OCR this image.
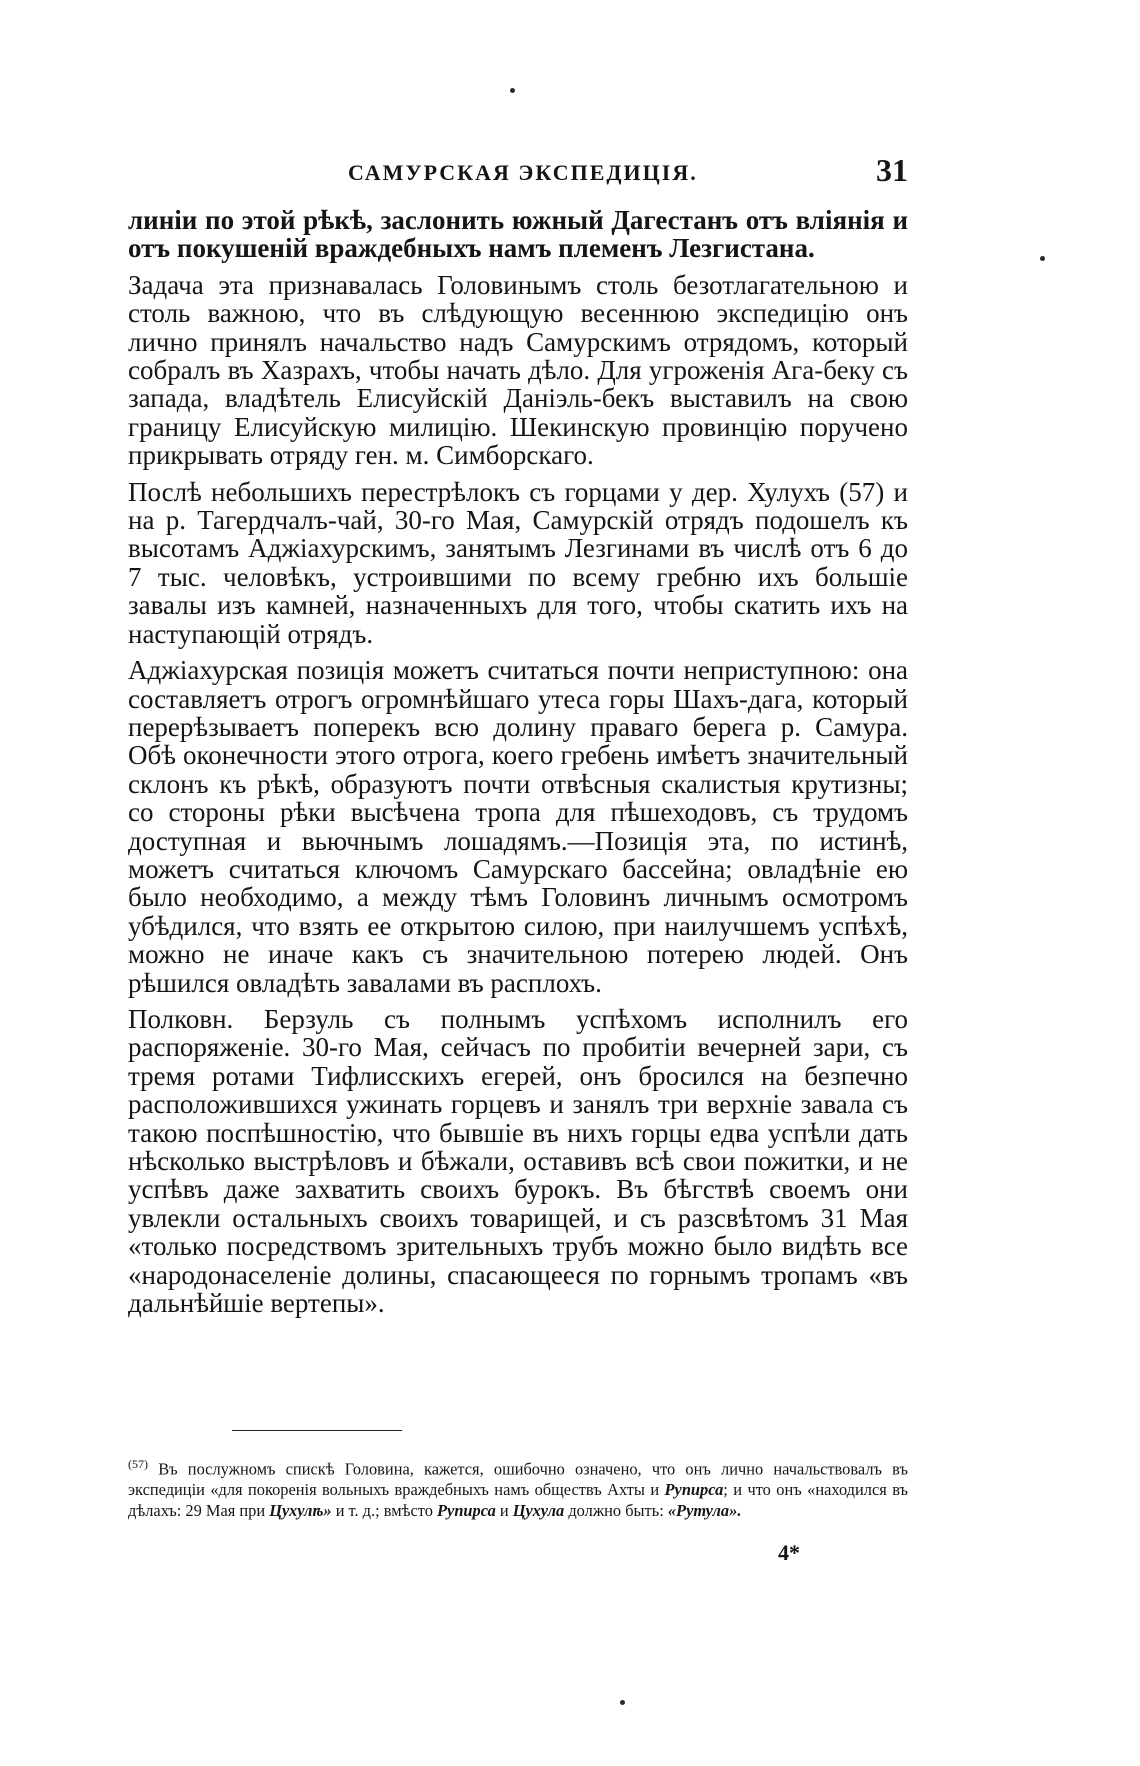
САМУРСКАЯ ЭКСПЕДИЦІЯ.	31

линіи по этой рѣкѣ, заслонить южный Дагестанъ отъ вліянія и отъ покушеній враждебныхъ намъ племенъ Лезгистана.

Задача эта признавалась Головинымъ столь безотлагательною и столь важною, что въ слѣдующую весеннюю экспедицію онъ лично принялъ начальство надъ Самурскимъ отрядомъ, который собралъ въ Хазрахъ, чтобы начать дѣло. Для угроженія Ага-беку съ запада, владѣтель Елисуйскій Даніэль-бекъ выставилъ на свою границу Елисуйскую милицію. Шекинскую провинцію поручено прикрывать отряду ген. м. Симборскаго.

Послѣ небольшихъ перестрѣлокъ съ горцами у дер. Хулухъ (57) и на р. Тагердчалъ-чай, 30-го Мая, Самурскій отрядъ подошелъ къ высотамъ Аджіахурскимъ, занятымъ Лезгинами въ числѣ отъ 6 до 7 тыс. человѣкъ, устроившими по всему гребню ихъ большіе завалы изъ камней, назначенныхъ для того, чтобы скатить ихъ на наступающій отрядъ.

Аджіахурская позиція можетъ считаться почти неприступною: она составляетъ отрогъ огромнѣйшаго утеса горы Шахъ-дага, который перерѣзываетъ поперекъ всю долину праваго берега р. Самура. Обѣ оконечности этого отрога, коего гребень имѣетъ значительный склонъ къ рѣкѣ, образуютъ почти отвѣсныя скалистыя крутизны; со стороны рѣки высѣчена тропа для пѣшеходовъ, съ трудомъ доступная и вьючнымъ лошадямъ.—Позиція эта, по истинѣ, можетъ считаться ключомъ Самурскаго бассейна; овладѣніе ею было необходимо, а между тѣмъ Головинъ личнымъ осмотромъ убѣдился, что взять ее открытою силою, при наилучшемъ успѣхѣ, можно не иначе какъ съ значительною потерею людей. Онъ рѣшился овладѣть завалами въ расплохъ.

Полковн. Берзуль съ полнымъ успѣхомъ исполнилъ его распоряженіе. 30-го Мая, сейчасъ по пробитіи вечерней зари, съ тремя ротами Тифлисскихъ егерей, онъ бросился на безпечно расположившихся ужинать горцевъ и занялъ три верхніе завала съ такою поспѣшностію, что бывшіе въ нихъ горцы едва успѣли дать нѣсколько выстрѣловъ и бѣжали, оставивъ всѣ свои пожитки, и не успѣвъ даже захватить своихъ бурокъ. Въ бѣгствѣ своемъ они увлекли остальныхъ своихъ товарищей, и съ разсвѣтомъ 31 Мая «только посредствомъ зрительныхъ трубъ можно было видѣть все «народонаселеніе долины, спасающееся по горнымъ тропамъ «въ дальнѣйшіе вертепы».

$^{(57)}$ Въ послужномъ спискѣ Головина, кажется, ошибочно означено, что онъ лично начальствовалъ въ экспедиціи «для покоренія вольныхъ враждебныхъ намъ обществъ Ахты и Рупирса; и что онъ «находился въ дѣлахъ: 29 Мая при Цухулѣ» и т. д.; вмѣсто Рупирса и Цухула должно быть: «Рутула».
4*
